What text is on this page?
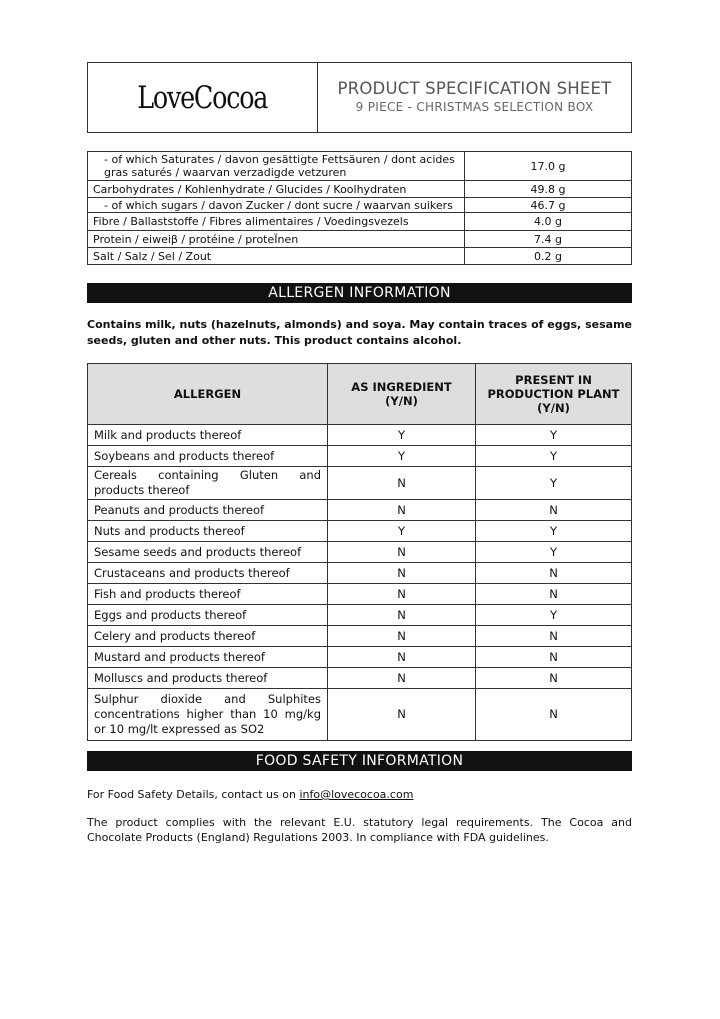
LoveCocoa	PRODUCT SPECIFICATION SHEET
9 PIECE - CHRISTMAS SELECTION BOX
- of which Saturates / davon gesättigte Fettsäuren / dont acides gras saturés / waarvan verzadigde vetzuren	17.0 g
Carbohydrates / Kohlenhydrate / Glucides / Koolhydraten	49.8 g
- of which sugars / davon Zucker / dont sucre / waarvan suikers	46.7 g
Fibre / Ballaststoffe / Fibres alimentaires / Voedingsvezels	4.0 g
Protein / eiweiβ / protéine / proteÏnen	7.4 g
Salt / Salz / Sel / Zout	0.2 g
ALLERGEN INFORMATION
Contains milk, nuts (hazelnuts, almonds) and soya. May contain traces of eggs, sesame seeds, gluten and other nuts. This product contains alcohol.
ALLERGEN	AS INGREDIENT (Y/N)	PRESENT IN PRODUCTION PLANT (Y/N)
Milk and products thereof	Y	Y
Soybeans and products thereof	Y	Y
Cereals containing Gluten and products thereof	N	Y
Peanuts and products thereof	N	N
Nuts and products thereof	Y	Y
Sesame seeds and products thereof	N	Y
Crustaceans and products thereof	N	N
Fish and products thereof	N	N
Eggs and products thereof	N	Y
Celery and products thereof	N	N
Mustard and products thereof	N	N
Molluscs and products thereof	N	N
Sulphur dioxide and Sulphites concentrations higher than 10 mg/kg or 10 mg/lt expressed as SO2	N	N
FOOD SAFETY INFORMATION
For Food Safety Details, contact us on info@lovecocoa.com
The product complies with the relevant E.U. statutory legal requirements. The Cocoa and Chocolate Products (England) Regulations 2003. In compliance with FDA guidelines.
